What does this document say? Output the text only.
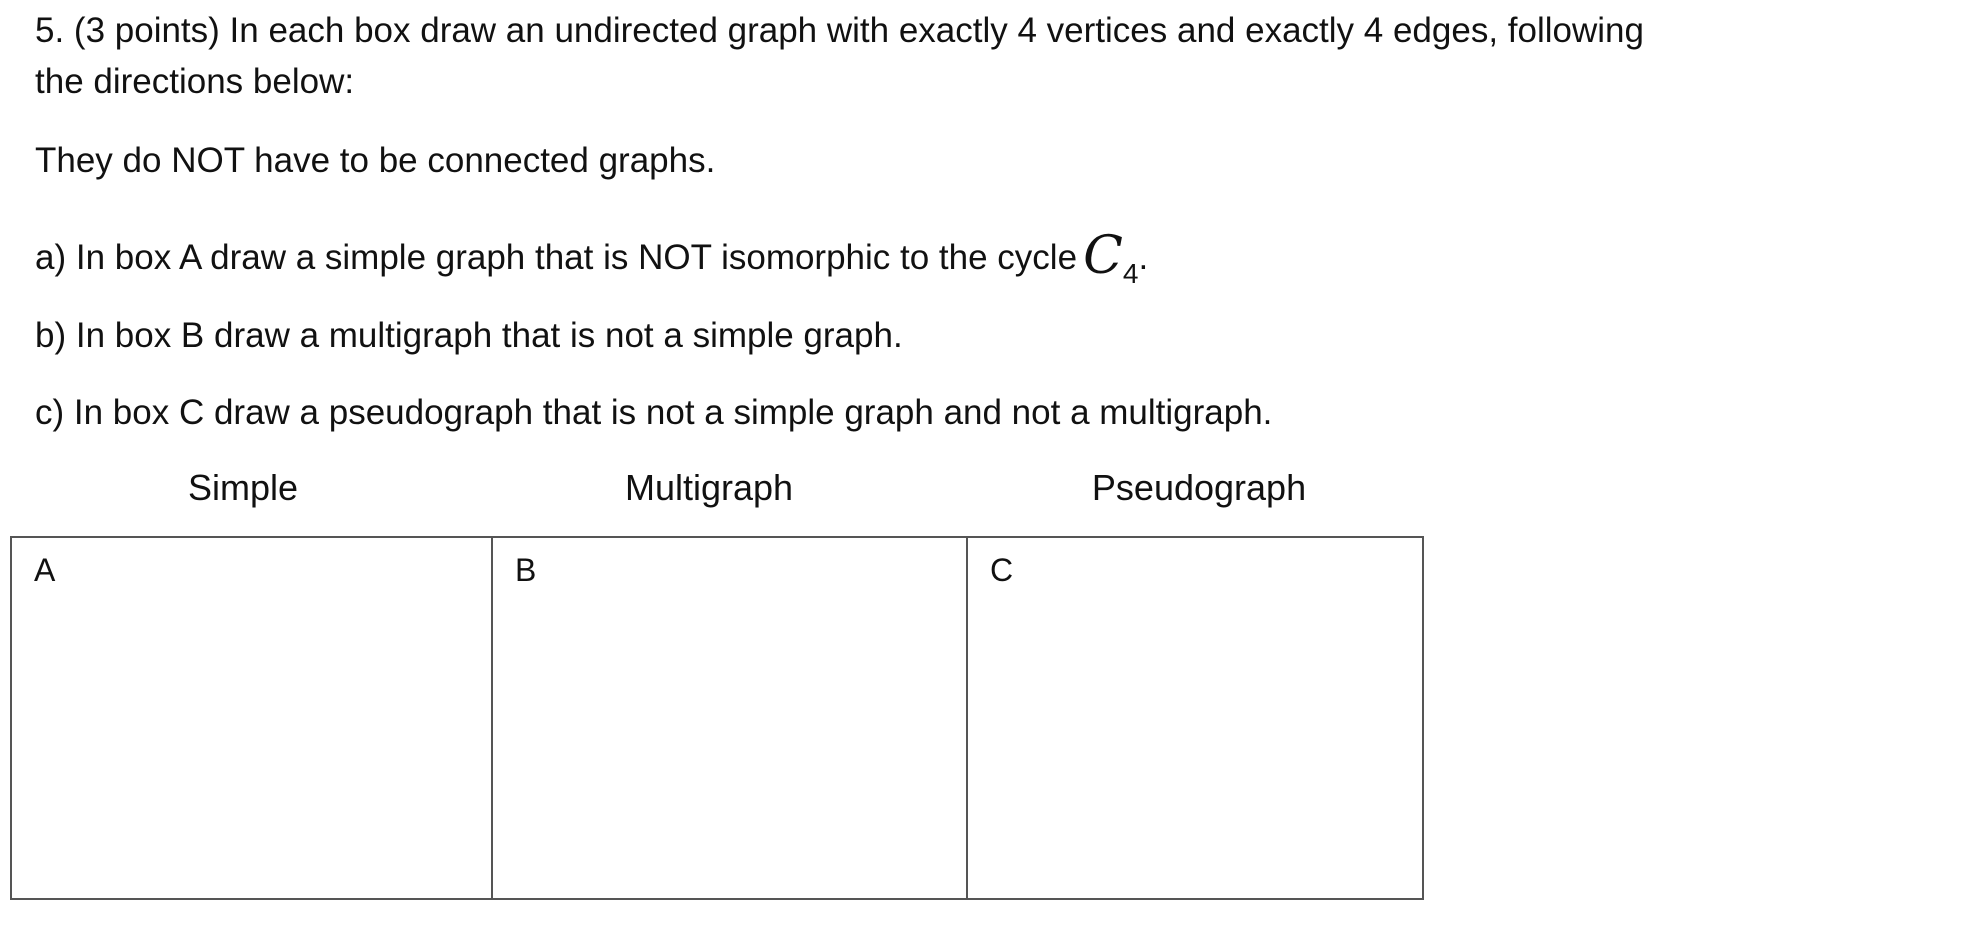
5. (3 points) In each box draw an undirected graph with exactly 4 vertices and exactly 4 edges, following
the directions below:
They do NOT have to be connected graphs.
a) In box A draw a simple graph that is NOT isomorphic to the cycle $C_4$.
b) In box B draw a multigraph that is not a simple graph.
c) In box C draw a pseudograph that is not a simple graph and not a multigraph.
Simple	Multigraph	Pseudograph
A	B	C
